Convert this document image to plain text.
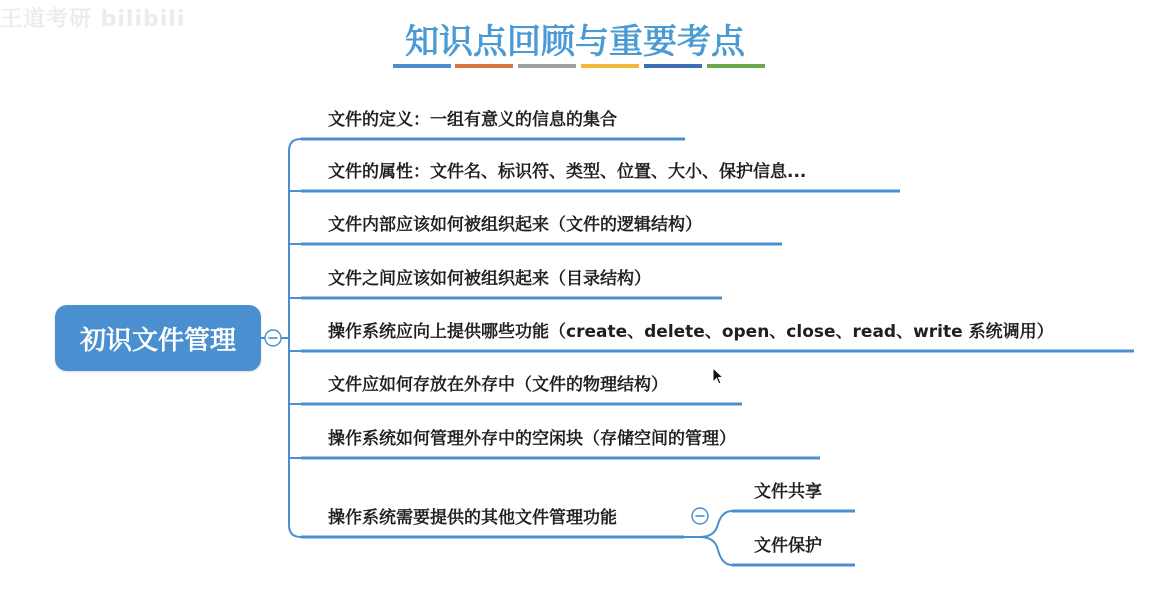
王道考研 bilibili
知识点回顾与重要考点
初识文件管理
文件的定义：一组有意义的信息的集合
文件的属性：文件名、标识符、类型、位置、大小、保护信息...
文件内部应该如何被组织起来（文件的逻辑结构）
文件之间应该如何被组织起来（目录结构）
操作系统应向上提供哪些功能（create、delete、open、close、read、write 系统调用）
文件应如何存放在外存中（文件的物理结构）
操作系统如何管理外存中的空闲块（存储空间的管理）
操作系统需要提供的其他文件管理功能
文件共享
文件保护
